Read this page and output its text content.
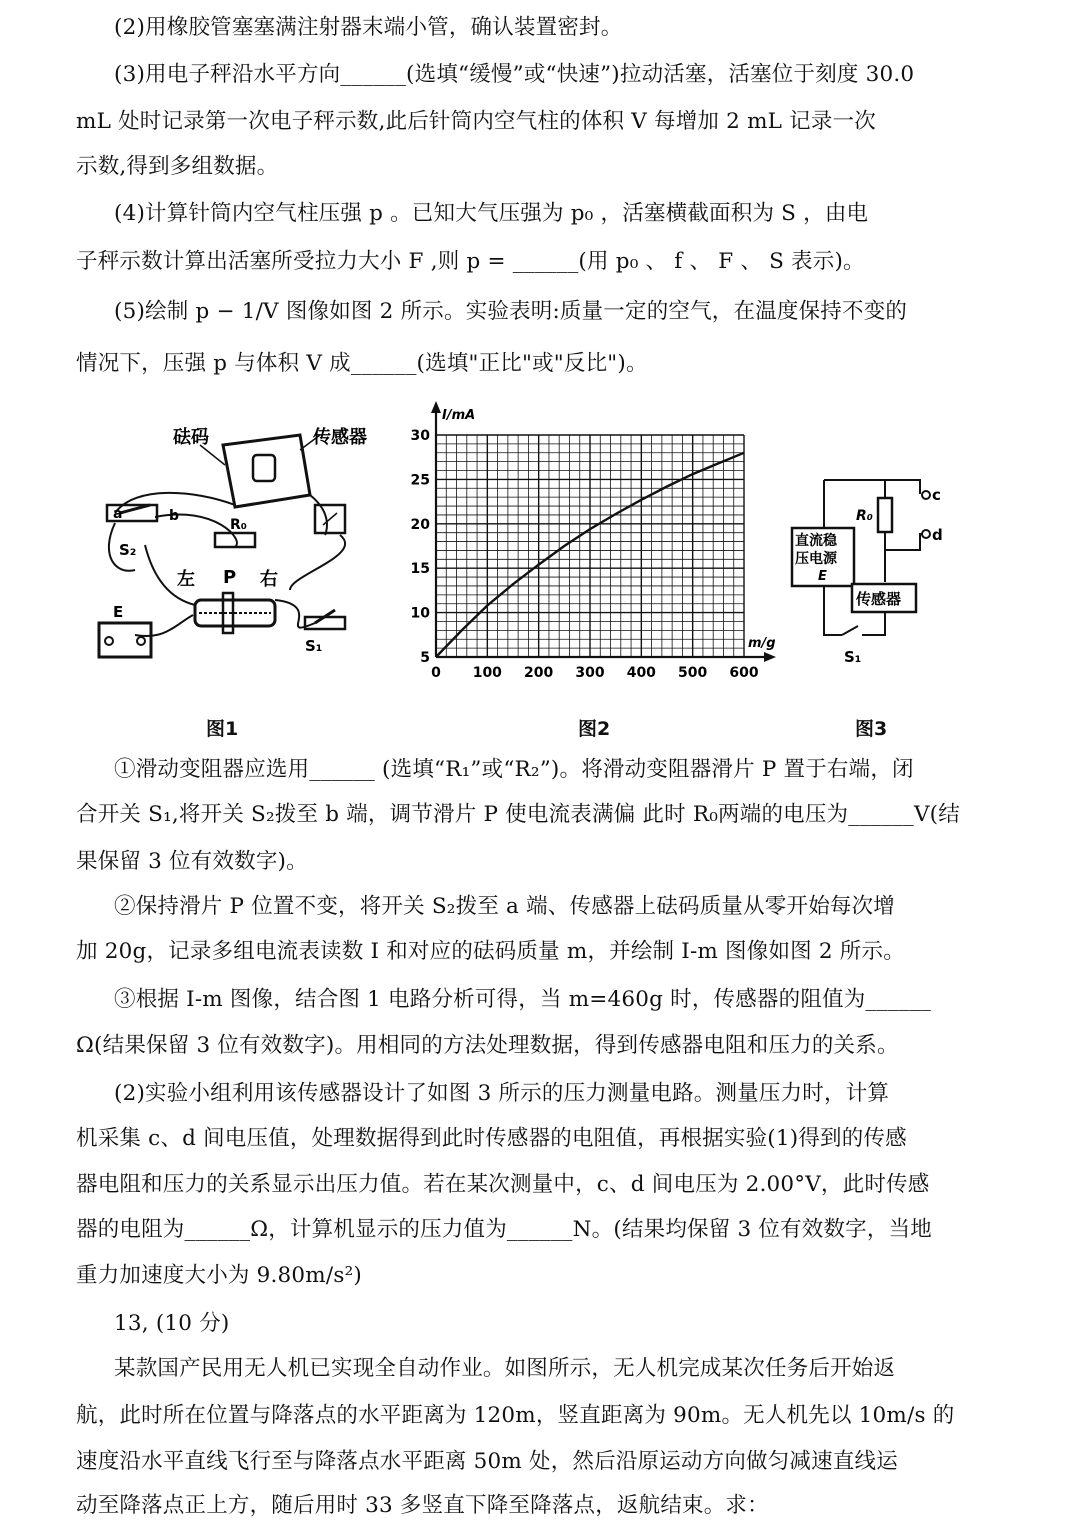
(2)用橡胶管塞塞满注射器末端小管，确认装置密封。
(3)用电子秤沿水平方向______(选填“缓慢”或“快速”)拉动活塞，活塞位于刻度 30.0
mL 处时记录第一次电子秤示数,此后针筒内空气柱的体积 V 每增加 2 mL 记录一次
示数,得到多组数据。
(4)计算针筒内空气柱压强 p 。已知大气压强为 p₀ ，活塞横截面积为 S ，由电
子秤示数计算出活塞所受拉力大小 F ,则 p = ______(用 p₀ 、 f 、 F 、 S 表示)。
(5)绘制 p − 1/V 图像如图 2 所示。实验表明:质量一定的空气，在温度保持不变的
情况下，压强 p 与体积 V 成______(选填"正比"或"反比")。
砝码	传感器
a	b
S₂
R₀
左 P 右
E
S₁
图1
0 100 200 300 400 500 600
5
10
15
20
25
30
I/mA
m/g
图2
c
R₀
d
直流稳
压电源
E
传感器
S₁
图3
①滑动变阻器应选用______ (选填“R₁”或“R₂”)。将滑动变阻器滑片 P 置于右端，闭
合开关 S₁,将开关 S₂拨至 b 端，调节滑片 P 使电流表满偏 此时 R₀两端的电压为______V(结
果保留 3 位有效数字)。
②保持滑片 P 位置不变，将开关 S₂拨至 a 端、传感器上砝码质量从零开始每次增
加 20g，记录多组电流表读数 I 和对应的砝码质量 m，并绘制 I-m 图像如图 2 所示。
③根据 I-m 图像，结合图 1 电路分析可得，当 m=460g 时，传感器的阻值为______
Ω(结果保留 3 位有效数字)。用相同的方法处理数据，得到传感器电阻和压力的关系。
(2)实验小组利用该传感器设计了如图 3 所示的压力测量电路。测量压力时，计算
机采集 c、d 间电压值，处理数据得到此时传感器的电阻值，再根据实验(1)得到的传感
器电阻和压力的关系显示出压力值。若在某次测量中，c、d 间电压为 2.00°V，此时传感
器的电阻为______Ω，计算机显示的压力值为______N。(结果均保留 3 位有效数字，当地
重力加速度大小为 9.80m/s²)
13, (10 分)
某款国产民用无人机已实现全自动作业。如图所示，无人机完成某次任务后开始返
航，此时所在位置与降落点的水平距离为 120m，竖直距离为 90m。无人机先以 10m/s 的
速度沿水平直线飞行至与降落点水平距离 50m 处，然后沿原运动方向做匀减速直线运
动至降落点正上方，随后用时 33 多竖直下降至降落点，返航结束。求：
